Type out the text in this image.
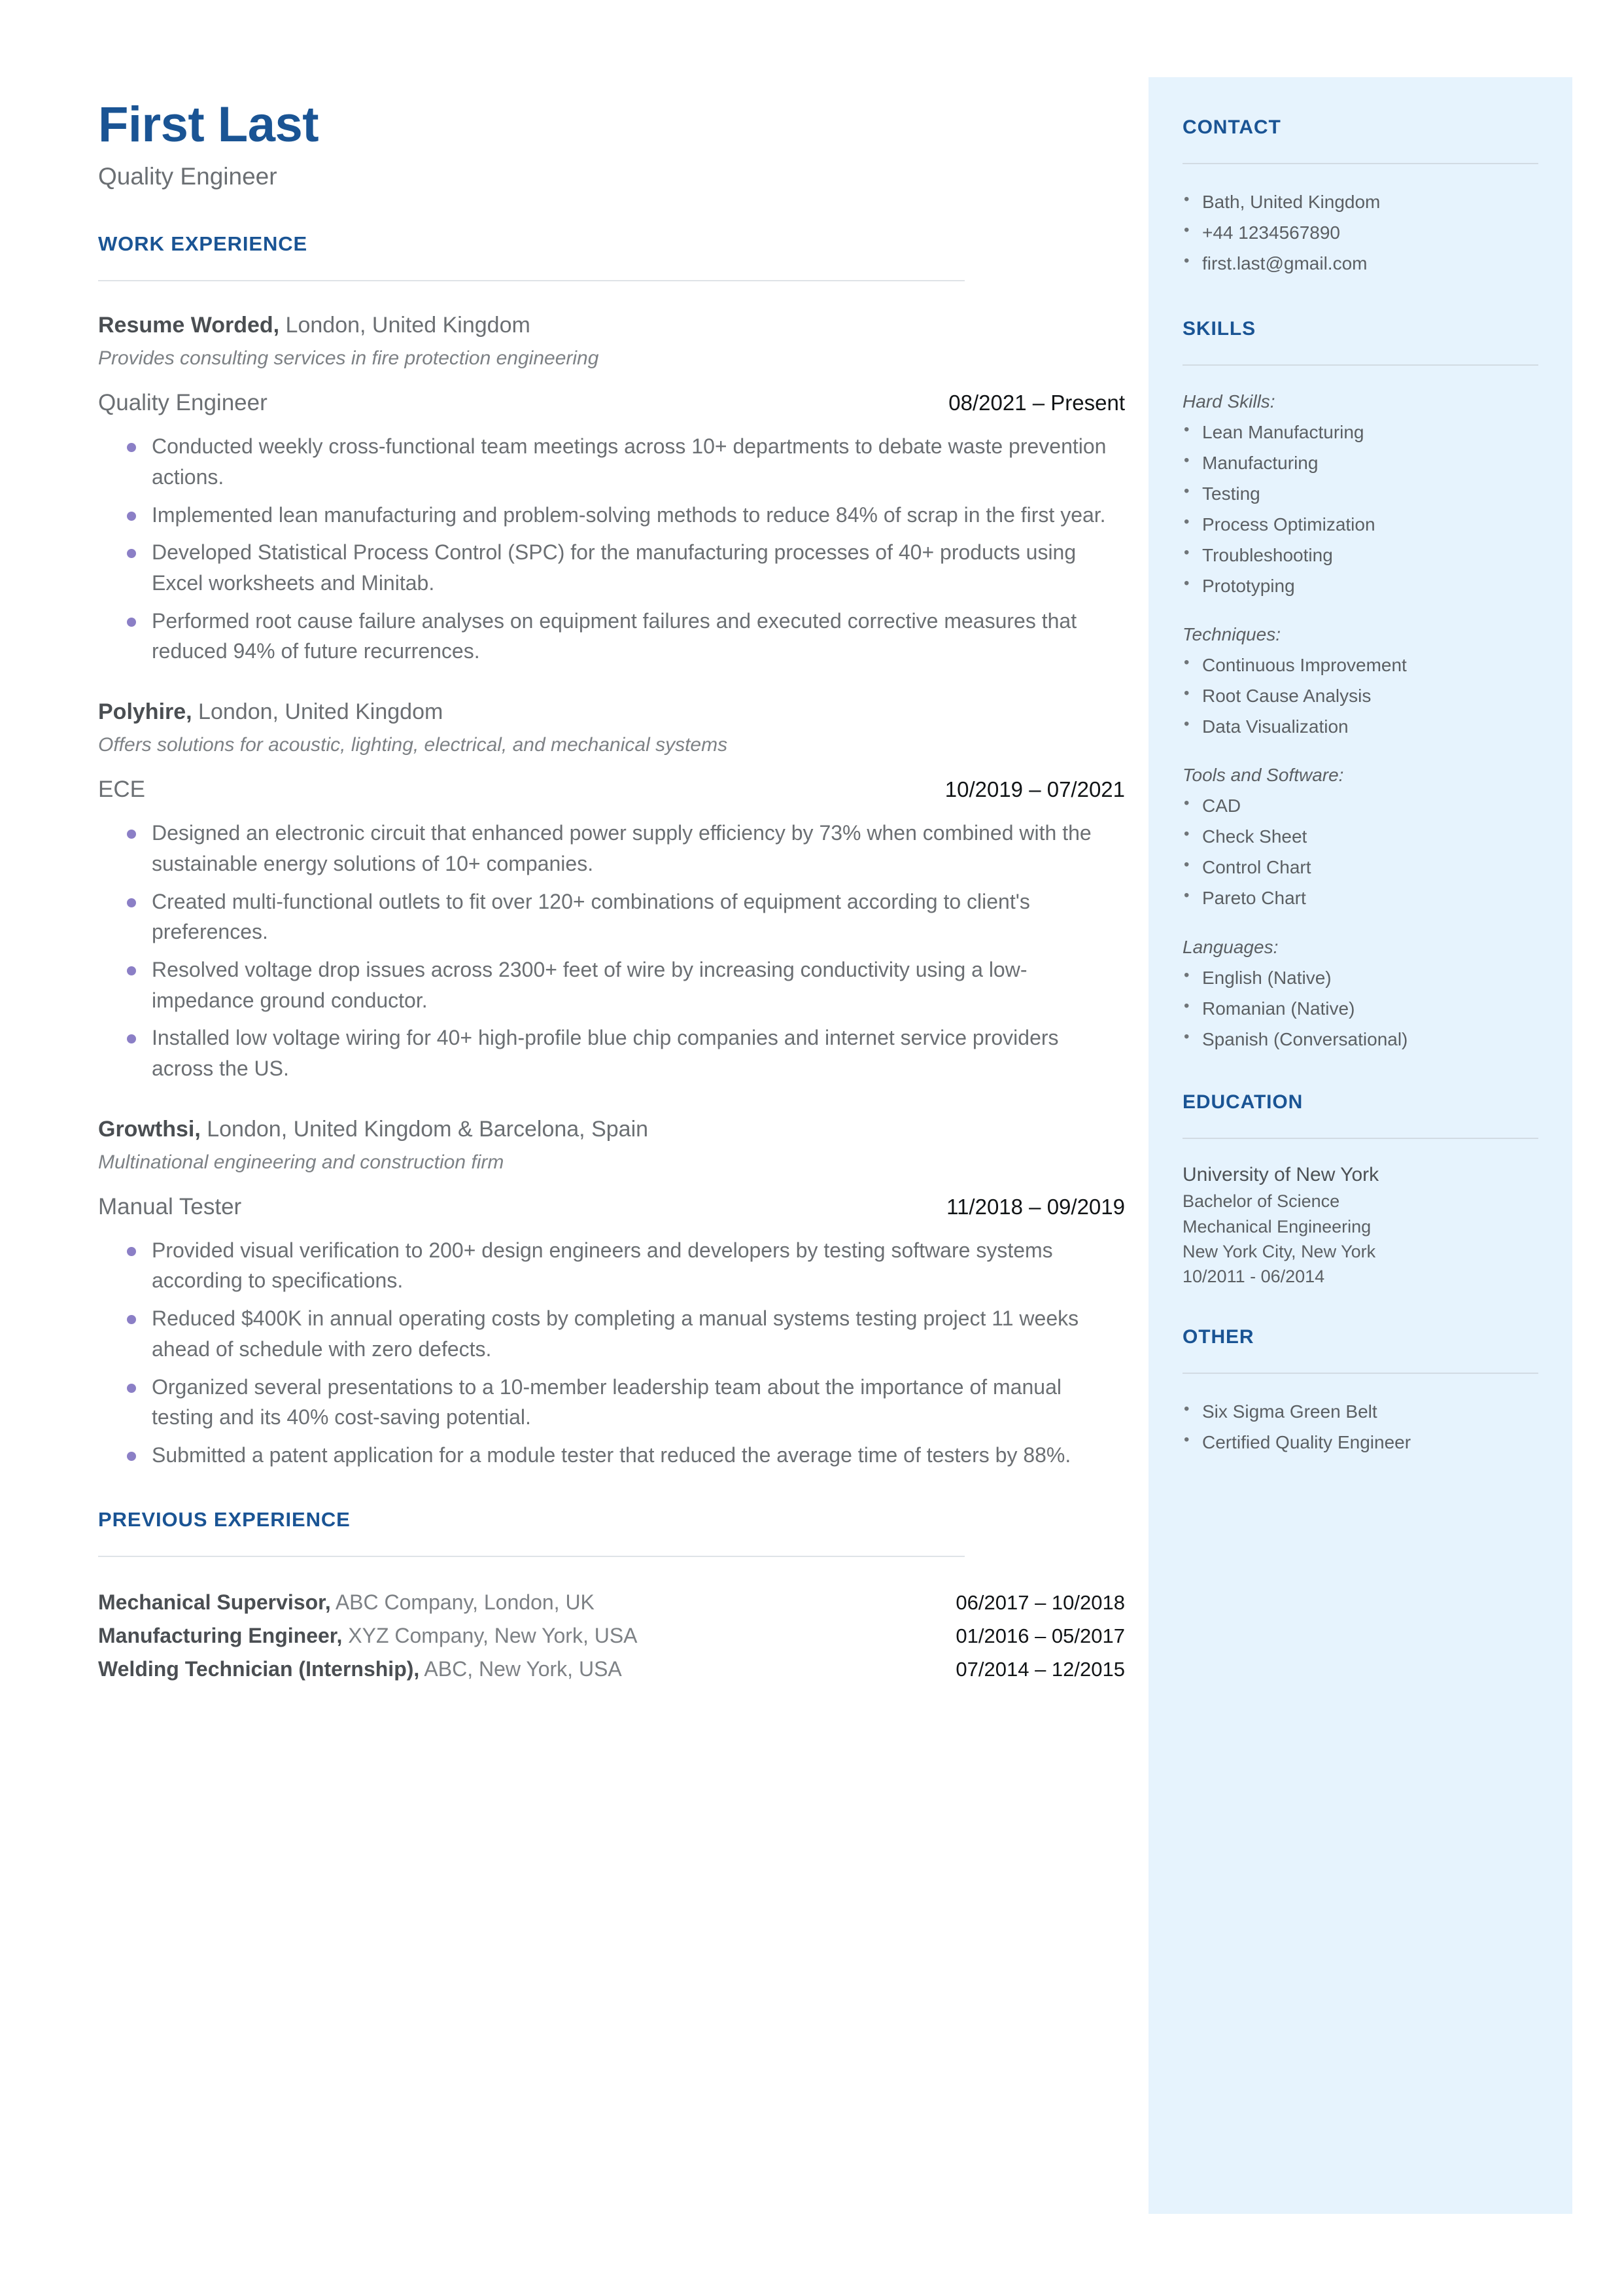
CONTACT
• Bath, United Kingdom
• +44 1234567890
• first.last@gmail.com
SKILLS
Hard Skills:
• Lean Manufacturing
• Manufacturing
• Testing
• Process Optimization
• Troubleshooting
• Prototyping
Techniques:
• Continuous Improvement
• Root Cause Analysis
• Data Visualization
Tools and Software:
• CAD
• Check Sheet
• Control Chart
• Pareto Chart
Languages:
• English (Native)
• Romanian (Native)
• Spanish (Conversational)
EDUCATION
University of New York
Bachelor of Science
Mechanical Engineering
New York City, New York
10/2011 - 06/2014
OTHER
• Six Sigma Green Belt
• Certified Quality Engineer
First Last
Quality Engineer
WORK EXPERIENCE
Resume Worded, London, United Kingdom
Provides consulting services in fire protection engineering
Quality Engineer	08/2021 – Present
Conducted weekly cross-functional team meetings across 10+ departments to debate waste prevention actions.
Implemented lean manufacturing and problem-solving methods to reduce 84% of scrap in the first year.
Developed Statistical Process Control (SPC) for the manufacturing processes of 40+ products using Excel worksheets and Minitab.
Performed root cause failure analyses on equipment failures and executed corrective measures that reduced 94% of future recurrences.
Polyhire, London, United Kingdom
Offers solutions for acoustic, lighting, electrical, and mechanical systems
ECE	10/2019 – 07/2021
Designed an electronic circuit that enhanced power supply efficiency by 73% when combined with the sustainable energy solutions of 10+ companies.
Created multi-functional outlets to fit over 120+ combinations of equipment according to client's preferences.
Resolved voltage drop issues across 2300+ feet of wire by increasing conductivity using a low-impedance ground conductor.
Installed low voltage wiring for 40+ high-profile blue chip companies and internet service providers across the US.
Growthsi, London, United Kingdom & Barcelona, Spain
Multinational engineering and construction firm
Manual Tester	11/2018 – 09/2019
Provided visual verification to 200+ design engineers and developers by testing software systems according to specifications.
Reduced $400K in annual operating costs by completing a manual systems testing project 11 weeks ahead of schedule with zero defects.
Organized several presentations to a 10-member leadership team about the importance of manual testing and its 40% cost-saving potential.
Submitted a patent application for a module tester that reduced the average time of testers by 88%.
PREVIOUS EXPERIENCE
Mechanical Supervisor, ABC Company, London, UK	06/2017 – 10/2018
Manufacturing Engineer, XYZ Company, New York, USA	01/2016 – 05/2017
Welding Technician (Internship), ABC, New York, USA	07/2014 – 12/2015
